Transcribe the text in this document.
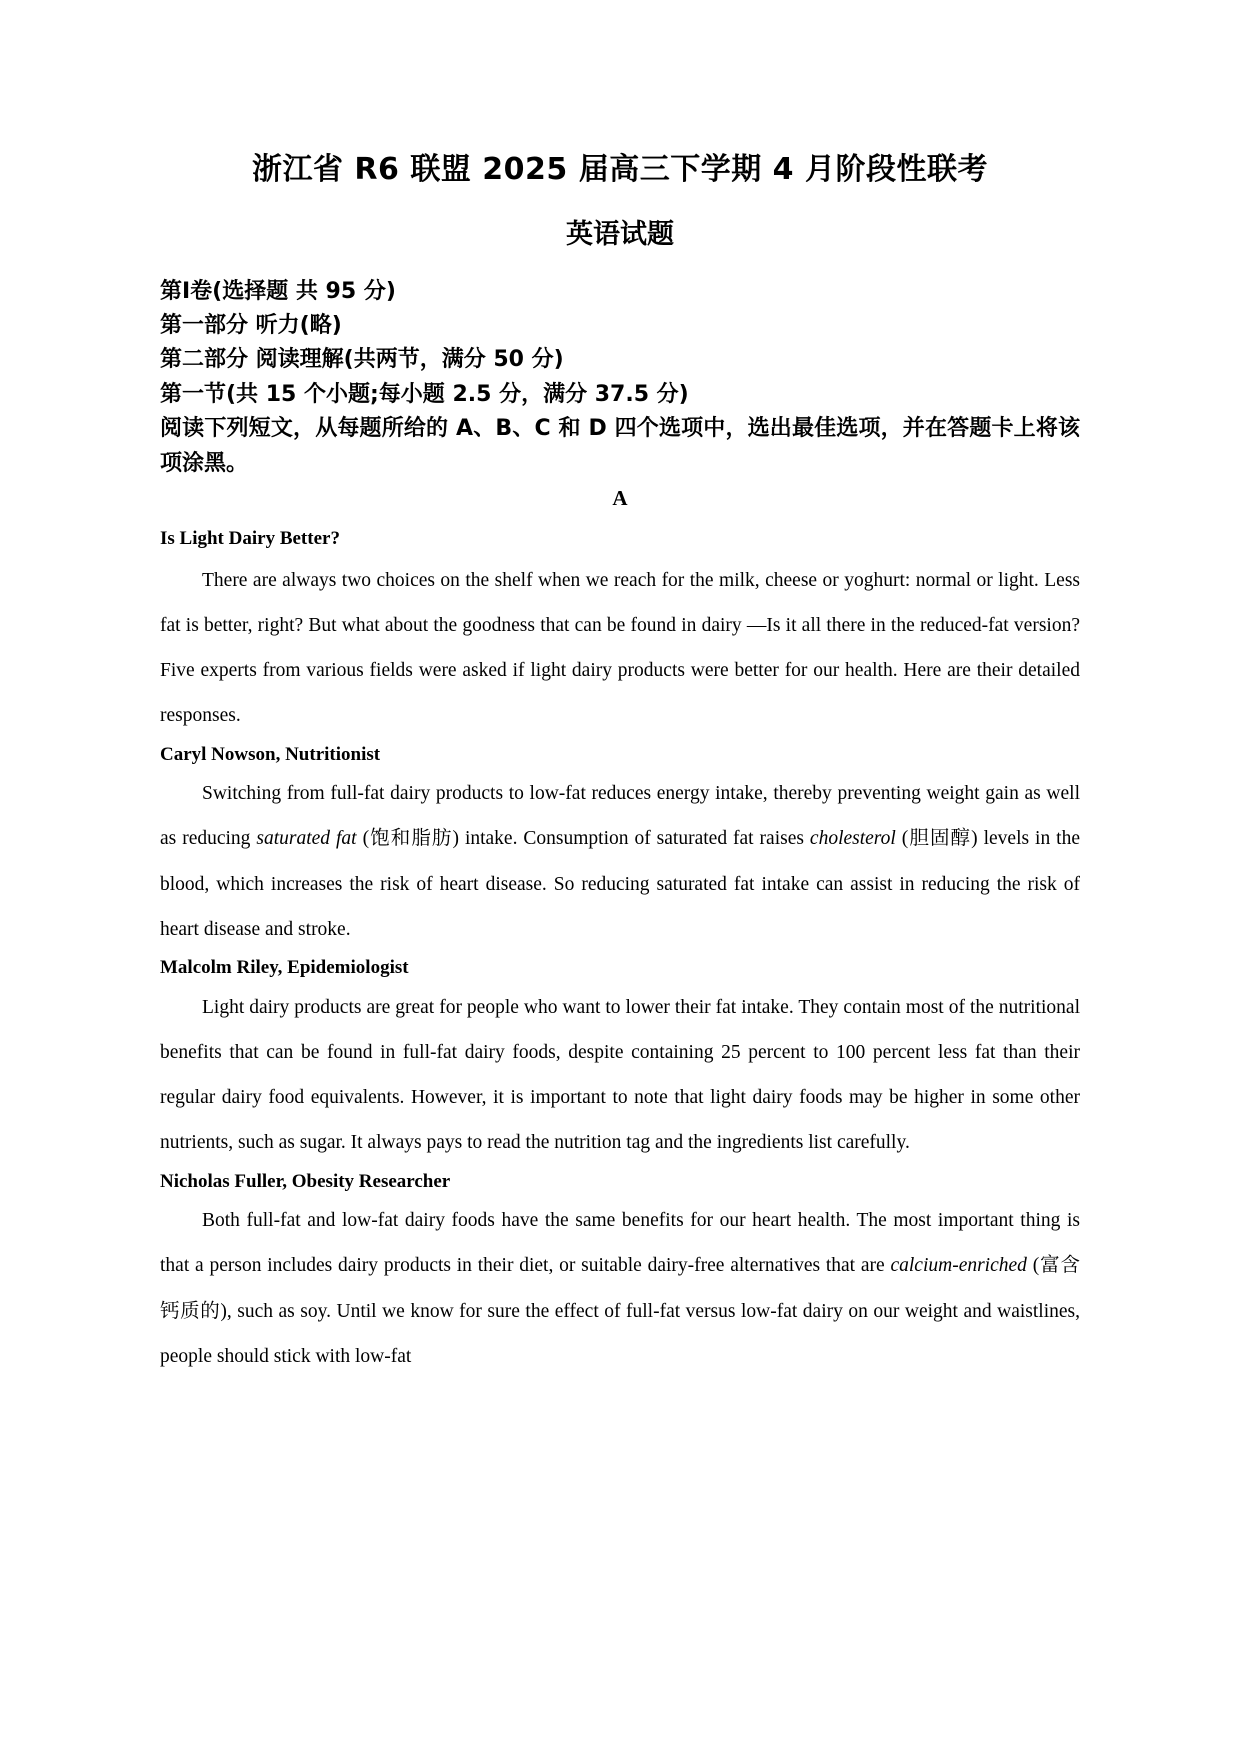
浙江省 R6 联盟 2025 届高三下学期 4 月阶段性联考
英语试题

第Ⅰ卷(选择题 共 95 分)

第一部分 听力(略)

第二部分 阅读理解(共两节，满分 50 分)

第一节(共 15 个小题;每小题 2.5 分，满分 37.5 分)

阅读下列短文，从每题所给的 A、B、C 和 D 四个选项中，选出最佳选项，并在答题卡上将该项涂黑。

A
Is Light Dairy Better?

There are always two choices on the shelf when we reach for the milk, cheese or yoghurt: normal or light. Less fat is better, right? But what about the goodness that can be found in dairy —Is it all there in the reduced-fat version? Five experts from various fields were asked if light dairy products were better for our health. Here are their detailed responses.

Caryl Nowson, Nutritionist

Switching from full-fat dairy products to low-fat reduces energy intake, thereby preventing weight gain as well as reducing saturated fat (饱和脂肪) intake. Consumption of saturated fat raises cholesterol (胆固醇) levels in the blood, which increases the risk of heart disease. So reducing saturated fat intake can assist in reducing the risk of heart disease and stroke.

Malcolm Riley, Epidemiologist

Light dairy products are great for people who want to lower their fat intake. They contain most of the nutritional benefits that can be found in full-fat dairy foods, despite containing 25 percent to 100 percent less fat than their regular dairy food equivalents. However, it is important to note that light dairy foods may be higher in some other nutrients, such as sugar. It always pays to read the nutrition tag and the ingredients list carefully.

Nicholas Fuller, Obesity Researcher

Both full-fat and low-fat dairy foods have the same benefits for our heart health. The most important thing is that a person includes dairy products in their diet, or suitable dairy-free alternatives that are calcium-enriched (富含钙质的), such as soy. Until we know for sure the effect of full-fat versus low-fat dairy on our weight and waistlines, people should stick with low-fat
